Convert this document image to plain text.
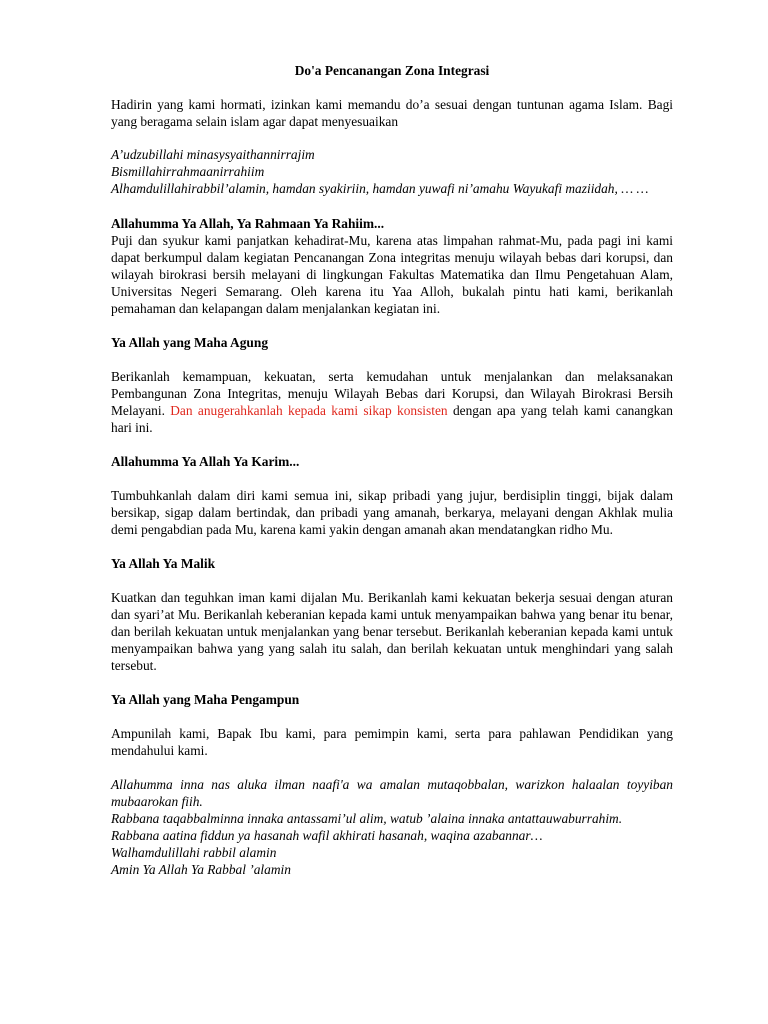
Do'a Pencanangan Zona Integrasi

Hadirin yang kami hormati, izinkan kami memandu do’a sesuai dengan tuntunan agama Islam. Bagi yang beragama selain islam agar dapat menyesuaikan

A’udzubillahi minasysyaithannirrajim

Bismillahirrahmaanirrahiim

Alhamdulillahirabbil’alamin, hamdan syakiriin, hamdan yuwafi ni’amahu Wayukafi maziidah, … …

Allahumma Ya Allah, Ya Rahmaan Ya Rahiim...

Puji dan syukur kami panjatkan kehadirat-Mu, karena atas limpahan rahmat-Mu, pada pagi ini kami dapat berkumpul dalam kegiatan Pencanangan Zona integritas menuju wilayah bebas dari korupsi, dan wilayah birokrasi bersih melayani di lingkungan Fakultas Matematika dan Ilmu Pengetahuan Alam, Universitas Negeri Semarang. Oleh karena itu Yaa Alloh, bukalah pintu hati kami, berikanlah pemahaman dan kelapangan dalam menjalankan kegiatan ini.

Ya Allah yang Maha Agung

Berikanlah kemampuan, kekuatan, serta kemudahan untuk menjalankan dan melaksanakan Pembangunan Zona Integritas, menuju Wilayah Bebas dari Korupsi, dan Wilayah Birokrasi Bersih Melayani. Dan anugerahkanlah kepada kami sikap konsisten dengan apa yang telah kami canangkan hari ini.

Allahumma Ya Allah Ya Karim...

Tumbuhkanlah dalam diri kami semua ini, sikap pribadi yang jujur, berdisiplin tinggi, bijak dalam bersikap, sigap dalam bertindak, dan pribadi yang amanah, berkarya, melayani dengan Akhlak mulia demi pengabdian pada Mu, karena kami yakin dengan amanah akan mendatangkan ridho Mu.

Ya Allah Ya Malik

Kuatkan dan teguhkan iman kami dijalan Mu. Berikanlah kami kekuatan bekerja sesuai dengan aturan dan syari’at Mu. Berikanlah keberanian kepada kami untuk menyampaikan bahwa yang benar itu benar, dan berilah kekuatan untuk menjalankan yang benar tersebut. Berikanlah keberanian kepada kami untuk menyampaikan bahwa yang yang salah itu salah, dan berilah kekuatan untuk menghindari yang salah tersebut.

Ya Allah yang Maha Pengampun

Ampunilah kami, Bapak Ibu kami, para pemimpin kami, serta para pahlawan Pendidikan yang mendahului kami.

Allahumma inna nas aluka ilman naafi'a wa amalan mutaqobbalan, warizkon halaalan toyyiban mubaarokan fiih.

Rabbana taqabbalminna innaka antassami’ul alim, watub ’alaina innaka antattauwaburrahim.

Rabbana aatina fiddun ya hasanah wafil akhirati hasanah, waqina azabannar…

Walhamdulillahi rabbil alamin

Amin Ya Allah Ya Rabbal ’alamin
